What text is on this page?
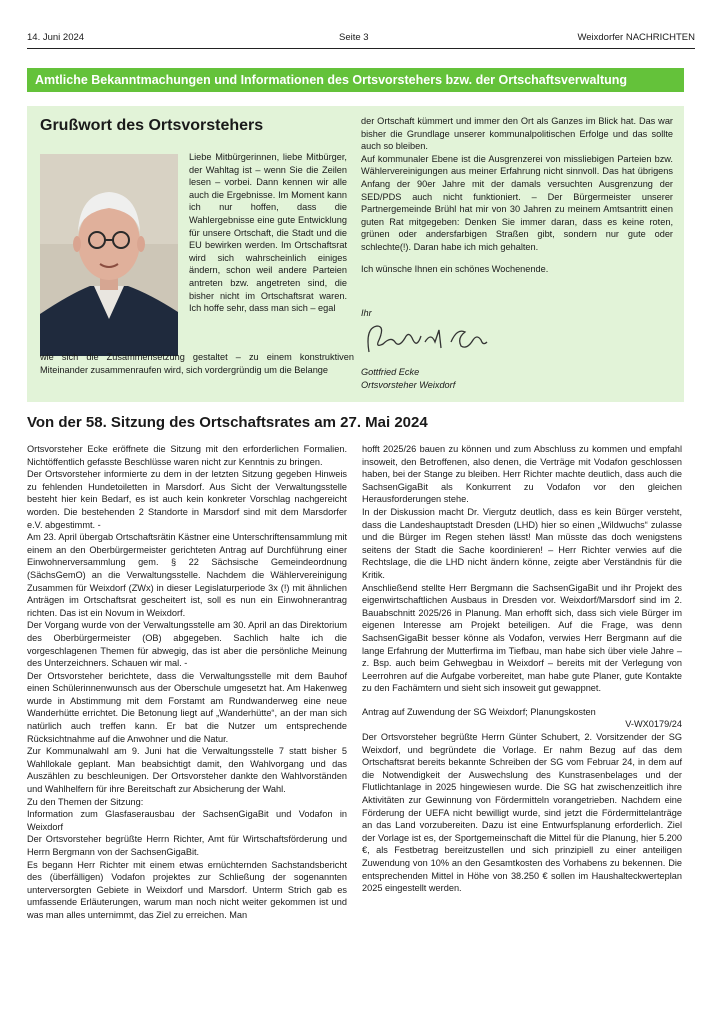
14. Juni 2024	Seite 3	Weixdorfer NACHRICHTEN
Amtliche Bekanntmachungen und Informationen des Ortsvorstehers bzw. der Ortschaftsverwaltung
Grußwort des Ortsvorstehers

Liebe Mitbürgerinnen, liebe Mitbürger, der Wahltag ist – wenn Sie die Zeilen lesen – vorbei. Dann kennen wir alle auch die Ergebnisse. Im Moment kann ich nur hoffen, dass die Wahlergebnisse eine gute Entwicklung für unsere Ortschaft, die Stadt und die EU bewirken werden. Im Ortschaftsrat wird sich wahrscheinlich einiges ändern, schon weil andere Parteien antreten bzw. angetreten sind, die bisher nicht im Ortschaftsrat waren. Ich hoffe sehr, dass man sich – egal

wie sich die Zusammensetzung gestaltet – zu einem konstruktiven Miteinander zusammenraufen wird, sich vordergründig um die Belange

der Ortschaft kümmert und immer den Ort als Ganzes im Blick hat. Das war bisher die Grundlage unserer kommunalpolitischen Erfolge und das sollte auch so bleiben.

Auf kommunaler Ebene ist die Ausgrenzerei von missliebigen Parteien bzw. Wählervereinigungen aus meiner Erfahrung nicht sinnvoll. Das hat übrigens Anfang der 90er Jahre mit der damals versuchten Ausgrenzung der SED/PDS auch nicht funktioniert. – Der Bürgermeister unserer Partnergemeinde Brühl hat mir von 30 Jahren zu meinem Amtsantritt einen guten Rat mitgegeben: Denken Sie immer daran, dass es keine roten, grünen oder andersfarbigen Straßen gibt, sondern nur gute oder schlechte(!). Daran habe ich mich gehalten.

Ich wünsche Ihnen ein schönes Wochenende.

Ihr
Gottfried Ecke
Ortsvorsteher Weixdorf
Von der 58. Sitzung des Ortschaftsrates am 27. Mai 2024

Ortsvorsteher Ecke eröffnete die Sitzung mit den erforderlichen Formalien. Nichtöffentlich gefasste Beschlüsse waren nicht zur Kenntnis zu bringen.

Der Ortsvorsteher informierte zu dem in der letzten Sitzung gegeben Hinweis zu fehlenden Hundetoiletten in Marsdorf. Aus Sicht der Verwaltungsstelle besteht hier kein Bedarf, es ist auch kein konkreter Vorschlag nachgereicht worden. Die bestehenden 2 Standorte in Marsdorf sind mit dem Marsdorfer e.V. abgestimmt. -

Am 23. April übergab Ortschaftsrätin Kästner eine Unterschriftensammlung mit einem an den Oberbürgermeister gerichteten Antrag auf Durchführung einer Einwohnerversammlung gem. § 22 Sächsische Gemeindeordnung (SächsGemO) an die Verwaltungsstelle. Nachdem die Wählervereinigung Zusammen für Weixdorf (ZWx) in dieser Legislaturperiode 3x (!) mit ähnlichen Anträgen im Ortschaftsrat gescheitert ist, soll es nun ein Einwohnerantrag richten. Das ist ein Novum in Weixdorf.

Der Vorgang wurde von der Verwaltungsstelle am 30. April an das Direktorium des Oberbürgermeister (OB) abgegeben. Sachlich halte ich die vorgeschlagenen Themen für abwegig, das ist aber die persönliche Meinung des Unterzeichners. Schauen wir mal. -

Der Ortsvorsteher berichtete, dass die Verwaltungsstelle mit dem Bauhof einen Schülerinnenwunsch aus der Oberschule umgesetzt hat. Am Hakenweg wurde in Abstimmung mit dem Forstamt am Rundwanderweg eine neue Wanderhütte errichtet. Die Betonung liegt auf „Wanderhütte“, an der man sich natürlich auch treffen kann. Er bat die Nutzer um entsprechende Rücksichtnahme auf die Anwohner und die Natur.

Zur Kommunalwahl am 9. Juni hat die Verwaltungsstelle 7 statt bisher 5 Wahllokale geplant. Man beabsichtigt damit, den Wahlvorgang und das Auszählen zu beschleunigen. Der Ortsvorsteher dankte den Wahlvorständen und Wahlhelfern für ihre Bereitschaft zur Absicherung der Wahl.

Zu den Themen der Sitzung:

Information zum Glasfaserausbau der SachsenGigaBit und Vodafon in Weixdorf

Der Ortsvorsteher begrüßte Herrn Richter, Amt für Wirtschaftsförderung und Herrn Bergmann von der SachsenGigaBit.

Es begann Herr Richter mit einem etwas ernüchternden Sachstandsbericht des (überfälligen) Vodafon projektes zur Schließung der sogenannten unterversorgten Gebiete in Weixdorf und Marsdorf. Unterm Strich gab es umfassende Erläuterungen, warum man noch nicht weiter gekommen ist und was man alles unternimmt, das Ziel zu erreichen. Man

hofft 2025/26 bauen zu können und zum Abschluss zu kommen und empfahl insoweit, den Betroffenen, also denen, die Verträge mit Vodafon geschlossen haben, bei der Stange zu bleiben. Herr Richter machte deutlich, dass auch die SachsenGigaBit als Konkurrent zu Vodafon vor den gleichen Herausforderungen stehe.

In der Diskussion macht Dr. Viergutz deutlich, dass es kein Bürger versteht, dass die Landeshauptstadt Dresden (LHD) hier so einen „Wildwuchs“ zulasse und die Bürger im Regen stehen lässt! Man müsste das doch wenigstens seitens der Stadt die Sache koordinieren! – Herr Richter verwies auf die Rechtslage, die die LHD nicht ändern könne, zeigte aber Verständnis für die Kritik.

Anschließend stellte Herr Bergmann die SachsenGigaBit und ihr Projekt des eigenwirtschaftlichen Ausbaus in Dresden vor. Weixdorf/Marsdorf sind im 2. Bauabschnitt 2025/26 in Planung. Man erhofft sich, dass sich viele Bürger im eigenen Interesse am Projekt beteiligen. Auf die Frage, was denn SachsenGigaBit besser könne als Vodafon, verwies Herr Bergmann auf die lange Erfahrung der Mutterfirma im Tiefbau, man habe sich über viele Jahre – z. Bsp. auch beim Gehwegbau in Weixdorf – bereits mit der Verlegung von Leerrohren auf die Aufgabe vorbereitet, man habe gute Planer, gute Kontakte zu den Fachämtern und sieht sich insoweit gut gewappnet.

Antrag auf Zuwendung der SG Weixdorf; Planungskosten

V-WX0179/24

Der Ortsvorsteher begrüßte Herrn Günter Schubert, 2. Vorsitzender der SG Weixdorf, und begründete die Vorlage. Er nahm Bezug auf das dem Ortschaftsrat bereits bekannte Schreiben der SG vom Februar 24, in dem auf die Notwendigkeit der Auswechslung des Kunstrasenbelages und der Flutlichtanlage in 2025 hingewiesen wurde. Die SG hat zwischenzeitlich ihre Aktivitäten zur Gewinnung von Fördermitteln vorangetrieben. Nachdem eine Förderung der UEFA nicht bewilligt wurde, sind jetzt die Fördermittelanträge an das Land vorzubereiten. Dazu ist eine Entwurfsplanung erforderlich. Ziel der Vorlage ist es, der Sportgemeinschaft die Mittel für die Planung, hier 5.200 €, als Festbetrag bereitzustellen und sich prinzipiell zu einer anteiligen Zuwendung von 10% an den Gesamtkosten des Vorhabens zu bekennen. Die entsprechenden Mittel in Höhe von 38.250 € sollen im Haushalteckwerteplan 2025 eingestellt werden.
